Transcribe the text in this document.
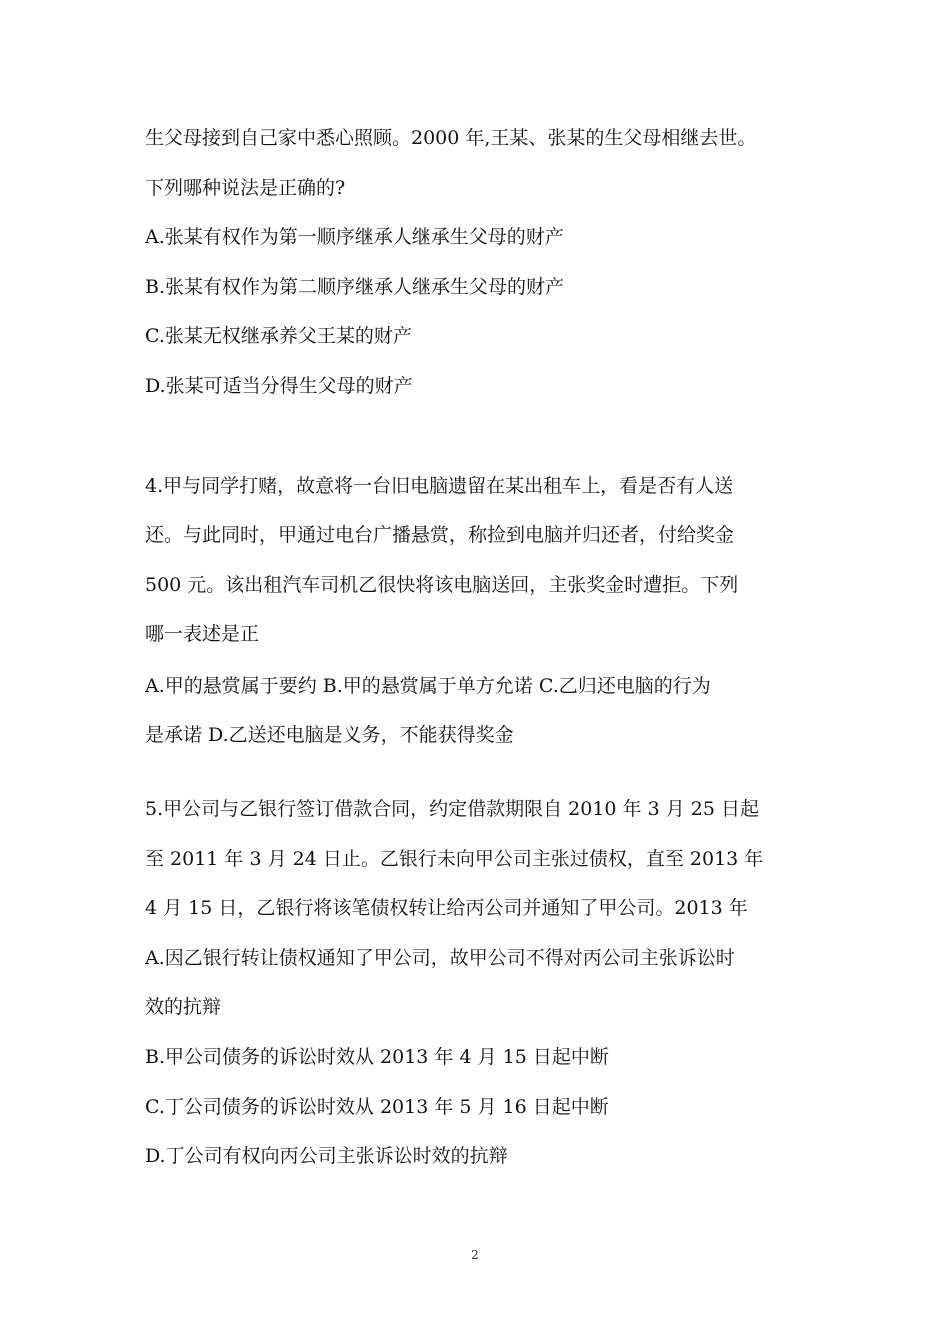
生父母接到自己家中悉心照顾。2000 年,王某、张某的生父母相继去世。
下列哪种说法是正确的?
A.张某有权作为第一顺序继承人继承生父母的财产
B.张某有权作为第二顺序继承人继承生父母的财产
C.张某无权继承养父王某的财产
D.张某可适当分得生父母的财产
4.甲与同学打赌，故意将一台旧电脑遗留在某出租车上，看是否有人送
还。与此同时，甲通过电台广播悬赏，称捡到电脑并归还者，付给奖金
500 元。该出租汽车司机乙很快将该电脑送回，主张奖金时遭拒。下列
哪一表述是正
A.甲的悬赏属于要约 B.甲的悬赏属于单方允诺 C.乙归还电脑的行为
是承诺 D.乙送还电脑是义务，不能获得奖金
5.甲公司与乙银行签订借款合同，约定借款期限自 2010 年 3 月 25 日起
至 2011 年 3 月 24 日止。乙银行未向甲公司主张过债权，直至 2013 年
4 月 15 日，乙银行将该笔债权转让给丙公司并通知了甲公司。2013 年
A.因乙银行转让债权通知了甲公司，故甲公司不得对丙公司主张诉讼时
效的抗辩
B.甲公司债务的诉讼时效从 2013 年 4 月 15 日起中断
C.丁公司债务的诉讼时效从 2013 年 5 月 16 日起中断
D.丁公司有权向丙公司主张诉讼时效的抗辩
2
